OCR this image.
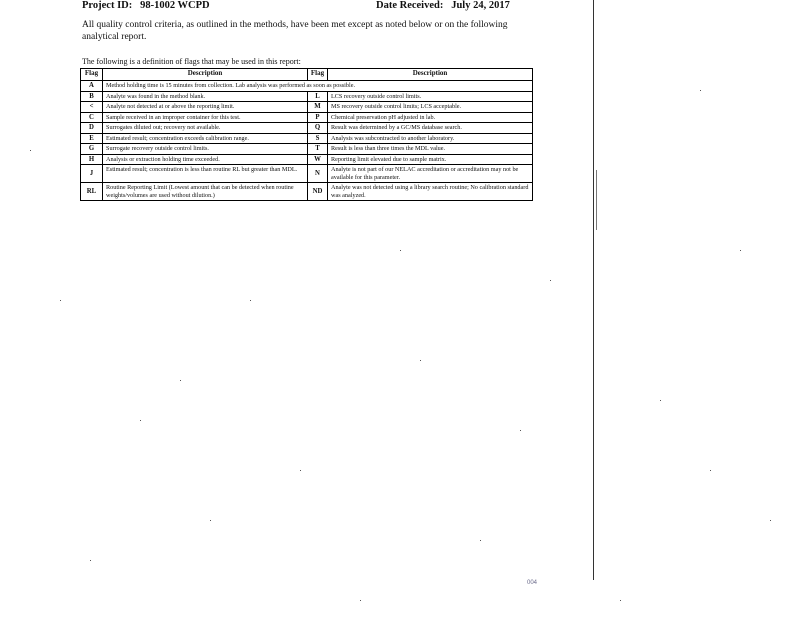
Project ID: 98-1002 WCPD	Date Received: July 24, 2017
All quality control criteria, as outlined in the methods, have been met except as noted below or on the following analytical report.
The following is a definition of flags that may be used in this report:
Flag	Description	Flag	Description
A	Method holding time is 15 minutes from collection. Lab analysis was performed as soon as possible.		
B	Analyte was found in the method blank.	L	LCS recovery outside control limits.
<	Analyte not detected at or above the reporting limit.	M	MS recovery outside control limits; LCS acceptable.
C	Sample received in an improper container for this test.	P	Chemical preservation pH adjusted in lab.
D	Surrogates diluted out; recovery not available.	Q	Result was determined by a GC/MS database search.
E	Estimated result; concentration exceeds calibration range.	S	Analysis was subcontracted to another laboratory.
G	Surrogate recovery outside control limits.	T	Result is less than three times the MDL value.
H	Analysis or extraction holding time exceeded.	W	Reporting limit elevated due to sample matrix.
J	Estimated result; concentration is less than routine RL but greater than MDL.	N	Analyte is not part of our NELAC accreditation or accreditation may not be available for this parameter.
RL	Routine Reporting Limit (Lowest amount that can be detected when routine weights/volumes are used without dilution.)	ND	Analyte was not detected using a library search routine; No calibration standard was analyzed.
004
